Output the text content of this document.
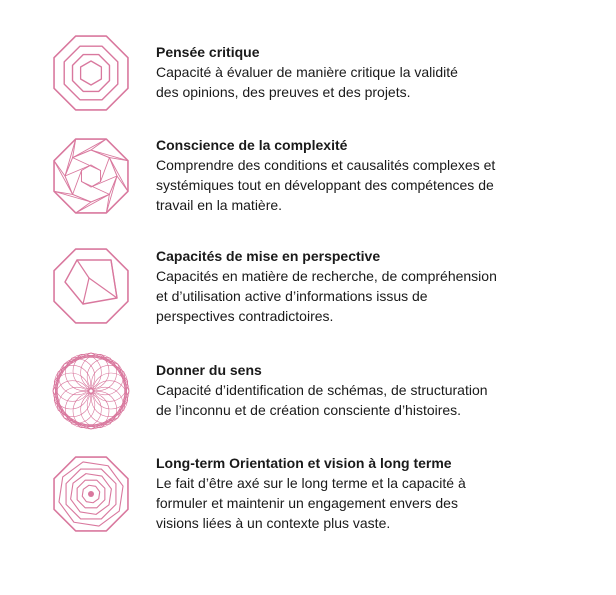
Pensée critique

Capacité à évaluer de manière critique la validité
des opinions, des preuves et des projets.

Conscience de la complexité

Comprendre des conditions et causalités complexes et
systémiques tout en développant des compétences de
travail en la matière.

Capacités de mise en perspective

Capacités en matière de recherche, de compréhension
et d’utilisation active d’informations issus de
perspectives contradictoires.

Donner du sens

Capacité d’identification de schémas, de structuration
de l’inconnu et de création consciente d’histoires.

Long-term Orientation et vision à long terme

Le fait d’être axé sur le long terme et la capacité à
formuler et maintenir un engagement envers des
visions liées à un contexte plus vaste.
